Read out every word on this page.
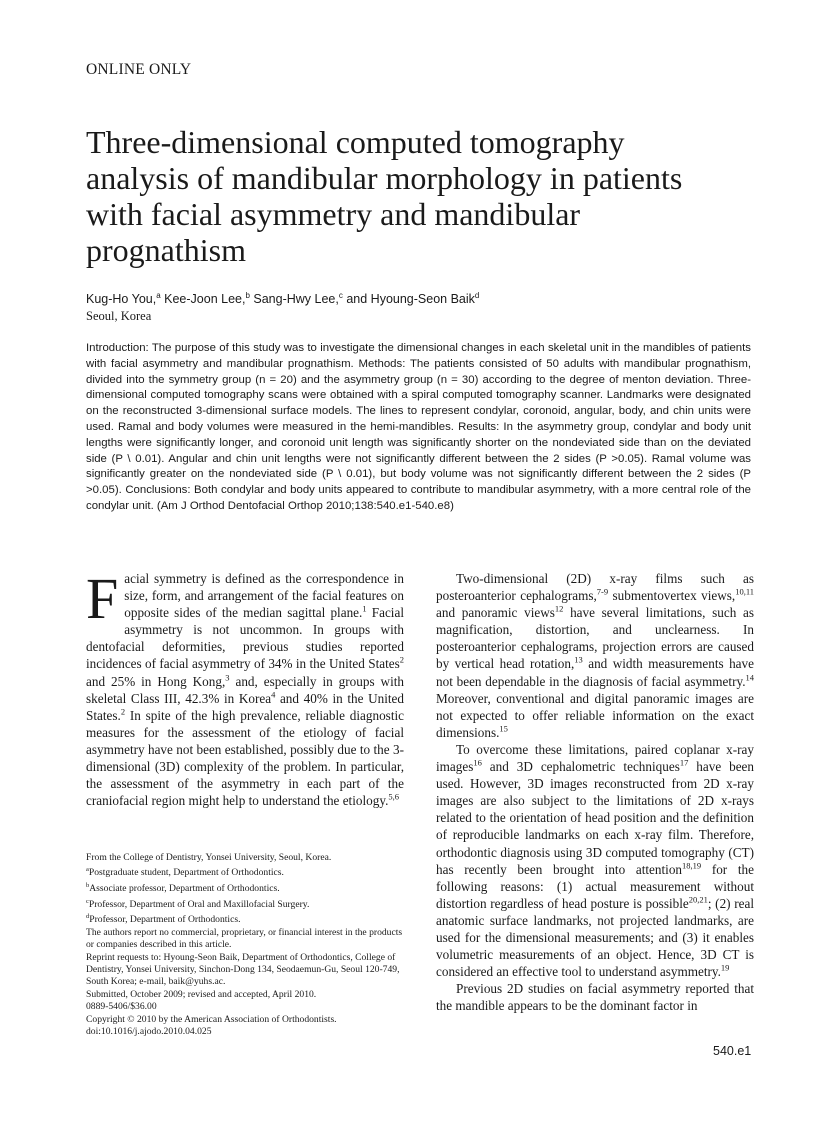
ONLINE ONLY
Three-dimensional computed tomography
analysis of mandibular morphology in patients
with facial asymmetry and mandibular
prognathism
Kug-Ho You,$^a$ Kee-Joon Lee,$^b$ Sang-Hwy Lee,$^c$ and Hyoung-Seon Baik$^d$
Seoul, Korea

Introduction: The purpose of this study was to investigate the dimensional changes in each skeletal unit in the mandibles of patients with facial asymmetry and mandibular prognathism. Methods: The patients consisted of 50 adults with mandibular prognathism, divided into the symmetry group (n = 20) and the asymmetry group (n = 30) according to the degree of menton deviation. Three-dimensional computed tomography scans were obtained with a spiral computed tomography scanner. Landmarks were designated on the reconstructed 3-dimensional surface models. The lines to represent condylar, coronoid, angular, body, and chin units were used. Ramal and body volumes were measured in the hemi-mandibles. Results: In the asymmetry group, condylar and body unit lengths were significantly longer, and coronoid unit length was significantly shorter on the nondeviated side than on the deviated side (P \ 0.01). Angular and chin unit lengths were not significantly different between the 2 sides (P >0.05). Ramal volume was significantly greater on the nondeviated side (P \ 0.01), but body volume was not significantly different between the 2 sides (P >0.05). Conclusions: Both condylar and body units appeared to contribute to mandibular asymmetry, with a more central role of the condylar unit. (Am J Orthod Dentofacial Orthop 2010;138:540.e1-540.e8)

Facial symmetry is defined as the correspondence in size, form, and arrangement of the facial features on opposite sides of the median sagittal plane.$^1$ Facial asymmetry is not uncommon. In groups with dentofacial deformities, previous studies reported incidences of facial asymmetry of 34% in the United States$^2$ and 25% in Hong Kong,$^3$ and, especially in groups with skeletal Class III, 42.3% in Korea$^4$ and 40% in the United States.$^2$ In spite of the high prevalence, reliable diagnostic measures for the assessment of the etiology of facial asymmetry have not been established, possibly due to the 3-dimensional (3D) complexity of the problem. In particular, the assessment of the asymmetry in each part of the craniofacial region might help to understand the etiology.$^{5,6}$

From the College of Dentistry, Yonsei University, Seoul, Korea.
$^a$Postgraduate student, Department of Orthodontics.
$^b$Associate professor, Department of Orthodontics.
$^c$Professor, Department of Oral and Maxillofacial Surgery.
$^d$Professor, Department of Orthodontics.
The authors report no commercial, proprietary, or financial interest in the products or companies described in this article.
Reprint requests to: Hyoung-Seon Baik, Department of Orthodontics, College of Dentistry, Yonsei University, Sinchon-Dong 134, Seodaemun-Gu, Seoul 120-749, South Korea; e-mail, baik@yuhs.ac.
Submitted, October 2009; revised and accepted, April 2010.
0889-5406/$36.00
Copyright © 2010 by the American Association of Orthodontists.
doi:10.1016/j.ajodo.2010.04.025

Two-dimensional (2D) x-ray films such as posteroanterior cephalograms,$^{7-9}$ submentovertex views,$^{10,11}$ and panoramic views$^{12}$ have several limitations, such as magnification, distortion, and unclearness. In posteroanterior cephalograms, projection errors are caused by vertical head rotation,$^{13}$ and width measurements have not been dependable in the diagnosis of facial asymmetry.$^{14}$ Moreover, conventional and digital panoramic images are not expected to offer reliable information on the exact dimensions.$^{15}$

To overcome these limitations, paired coplanar x-ray images$^{16}$ and 3D cephalometric techniques$^{17}$ have been used. However, 3D images reconstructed from 2D x-ray images are also subject to the limitations of 2D x-rays related to the orientation of head position and the definition of reproducible landmarks on each x-ray film. Therefore, orthodontic diagnosis using 3D computed tomography (CT) has recently been brought into attention$^{18,19}$ for the following reasons: (1) actual measurement without distortion regardless of head posture is possible$^{20,21}$; (2) real anatomic surface landmarks, not projected landmarks, are used for the dimensional measurements; and (3) it enables volumetric measurements of an object. Hence, 3D CT is considered an effective tool to understand asymmetry.$^{19}$

Previous 2D studies on facial asymmetry reported that the mandible appears to be the dominant factor in

540.e1
